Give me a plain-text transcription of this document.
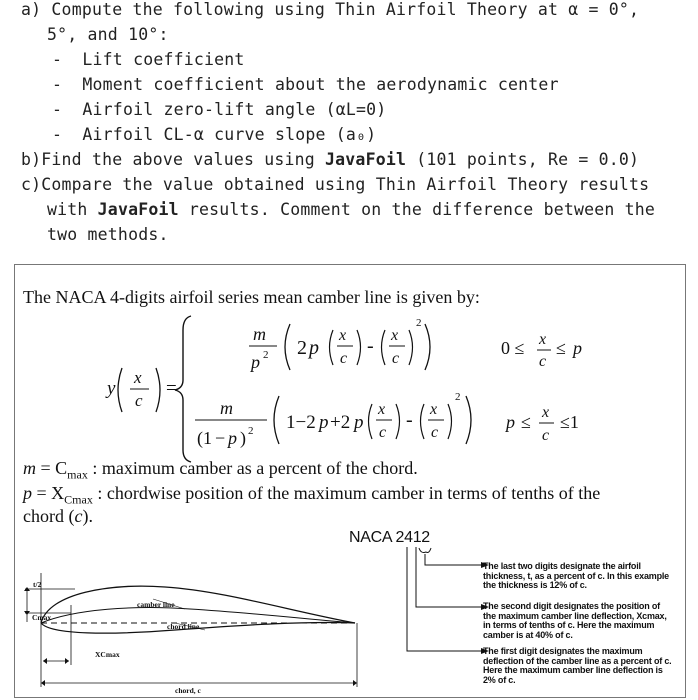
a) Compute the following using Thin Airfoil Theory at α = 0°,
5°, and 10°:
-  Lift coefficient
-  Moment coefficient about the aerodynamic center
-  Airfoil zero-lift angle (αL=0)
-  Airfoil CL-α curve slope (a₀)
b)Find the above values using JavaFoil (101 points, Re = 0.0)
c)Compare the value obtained using Thin Airfoil Theory results
with JavaFoil results. Comment on the difference between the
two methods.
The NACA 4-digits airfoil series mean camber line is given by:
y
x
c
=
m
p 2 2 p
x
c
- x
c
2
0 ≤ x
c
≤ p
m
(1 − p ) 2 1−2 p +2 p
x
c
- x
c
2
p ≤ x
c
≤1
$m = C_{max}$ : maximum camber as a percent of the chord.
$p = X_{Cmax}$ : chordwise position of the maximum camber in terms of tenths of the
chord (c).
NACA 2412
The last two digits designate the airfoil thickness, t, as a percent of c. In this example the thickness is 12% of c.
The second digit designates the position of the maximum camber line deflection, Xcmax, in terms of tenths of c. Here the maximum camber is at 40% of c.
The first digit designates the maximum deflection of the camber line as a percent of c. Here the maximum camber line deflection is 2% of c.
t/2
Cmax
camber line
chord line
XCmax
chord, c
